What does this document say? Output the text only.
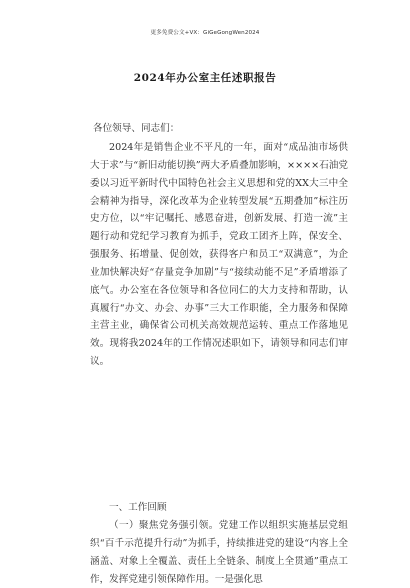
更多免费公文+VX：GiGeGongWen2024
2024年办公室主任述职报告
各位领导、同志们：
2024年是销售企业不平凡的一年，面对“成品油市场供大于求”与“新旧动能切换”两大矛盾叠加影响，××××石油党委以习近平新时代中国特色社会主义思想和党的XX大三中全会精神为指导，深化改革为企业转型发展“五期叠加”标注历史方位，以“牢记嘱托、感恩奋进，创新发展、打造一流”主题行动和党纪学习教育为抓手，党政工团齐上阵，保安全、强服务、拓增量、促创效，获得客户和员工“双满意”，为企业加快解决好“存量竞争加剧”与“接续动能不足”矛盾增添了底气。办公室在各位领导和各位同仁的大力支持和帮助，认真履行“办文、办会、办事”三大工作职能，全力服务和保障主营主业，确保省公司机关高效规范运转、重点工作落地见效。现将我2024年的工作情况述职如下，请领导和同志们审议。
一、工作回顾
（一）聚焦党务强引领。党建工作以组织实施基层党组织“百千示范提升行动”为抓手，持续推进党的建设“内容上全涵盖、对象上全覆盖、责任上全链条、制度上全贯通”重点工作，发挥党建引领保障作用。一是强化思
